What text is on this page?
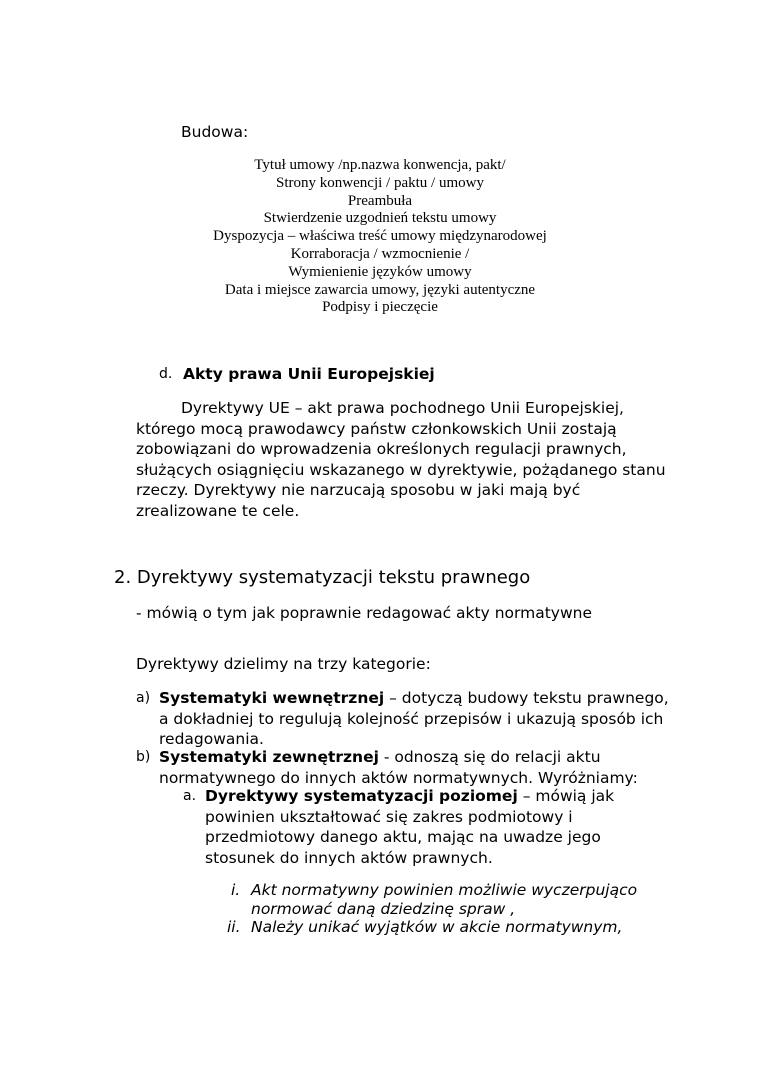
Budowa:
Tytuł umowy /np.nazwa konwencja, pakt/
Strony konwencji / paktu / umowy
Preambuła
Stwierdzenie uzgodnień tekstu umowy
Dyspozycja – właściwa treść umowy międzynarodowej
Korraboracja / wzmocnienie /
Wymienienie języków umowy
Data i miejsce zawarcia umowy, języki autentyczne
Podpisy i pieczęcie
d. Akty prawa Unii Europejskiej
Dyrektywy UE – akt prawa pochodnego Unii Europejskiej,
którego mocą prawodawcy państw członkowskich Unii zostają
zobowiązani do wprowadzenia określonych regulacji prawnych,
służących osiągnięciu wskazanego w dyrektywie, pożądanego stanu
rzeczy. Dyrektywy nie narzucają sposobu w jaki mają być
zrealizowane te cele.
2. Dyrektywy systematyzacji tekstu prawnego
- mówią o tym jak poprawnie redagować akty normatywne
Dyrektywy dzielimy na trzy kategorie:
a) Systematyki wewnętrznej – dotyczą budowy tekstu prawnego,
a dokładniej to regulują kolejność przepisów i ukazują sposób ich
redagowania.
b) Systematyki zewnętrznej - odnoszą się do relacji aktu
normatywnego do innych aktów normatywnych. Wyróżniamy:
a. Dyrektywy systematyzacji poziomej – mówią jak
powinien ukształtować się zakres podmiotowy i
przedmiotowy danego aktu, mając na uwadze jego
stosunek do innych aktów prawnych.
i. Akt normatywny powinien możliwie wyczerpująco
normować daną dziedzinę spraw ,
ii. Należy unikać wyjątków w akcie normatywnym,
